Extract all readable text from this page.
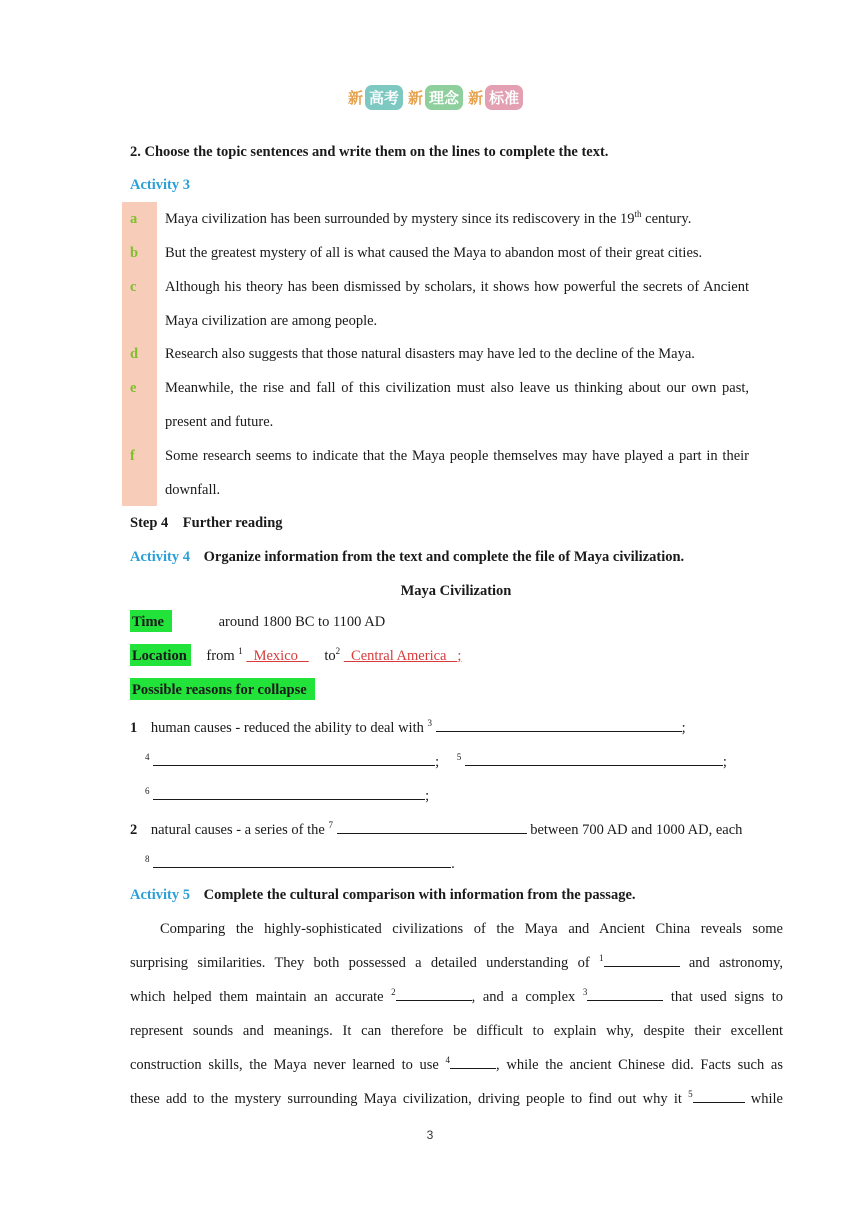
新 高考 新 理念 新 标准
2. Choose the topic sentences and write them on the lines to complete the text.
Activity 3
a Maya civilization has been surrounded by mystery since its rediscovery in the 19th century.
b But the greatest mystery of all is what caused the Maya to abandon most of their great cities.
c Although his theory has been dismissed by scholars, it shows how powerful the secrets of Ancient Maya civilization are among people.
d Research also suggests that those natural disasters may have led to the decline of the Maya.
e Meanwhile, the rise and fall of this civilization must also leave us thinking about our own past, present and future.
f Some research seems to indicate that the Maya people themselves may have played a part in their downfall.
Step 4    Further reading
Activity 4 Organize information from the text and complete the file of Maya civilization.
Maya Civilization
Time	around 1800 BC to 1100 AD
Location from $^1$ Mexico $to^2$ Central America ;
Possible reasons for collapse
1 human causes - reduced the ability to deal with $^3$	;
$^4$	; $^5$	;
$^6$	;
2 natural causes - a series of the $^7$	between 700 AD and 1000 AD, each
$^8$	.
Activity 5 Complete the cultural comparison with information from the passage.
Comparing the highly-sophisticated civilizations of the Maya and Ancient China reveals some
surprising similarities. They both possessed a detailed understanding of $^1$	and astronomy,
which helped them maintain an accurate $^2$	, and a complex $^3$	that used signs to
represent sounds and meanings. It can therefore be difficult to explain why, despite their excellent
construction skills, the Maya never learned to use $^4$	, while the ancient Chinese did. Facts such as
these add to the mystery surrounding Maya civilization, driving people to find out why it $^5$	while
3
